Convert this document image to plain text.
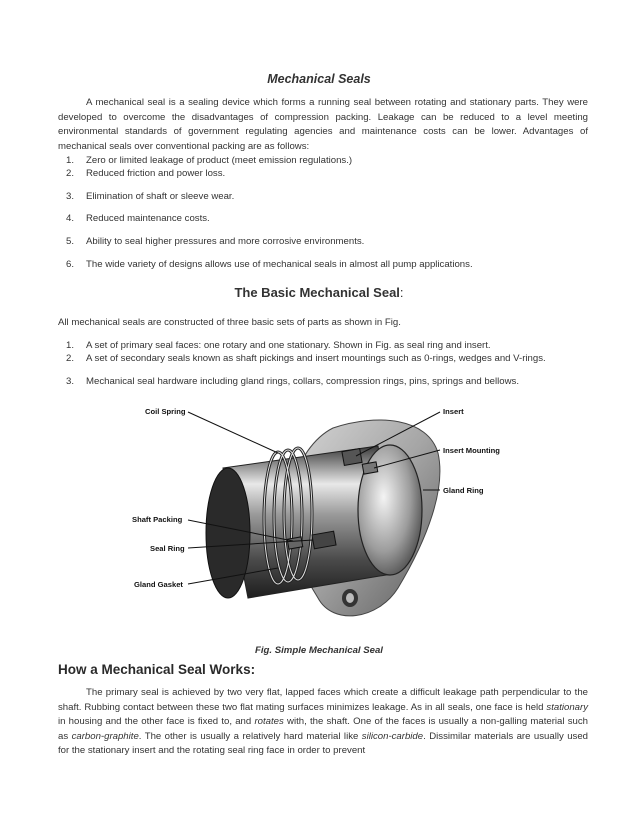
Mechanical Seals
A mechanical seal is a sealing device which forms a running seal between rotating and stationary parts. They were developed to overcome the disadvantages of compression packing. Leakage can be reduced to a level meeting environmental standards of government regulating agencies and maintenance costs can be lower. Advantages of mechanical seals over conventional packing are as follows:
1. Zero or limited leakage of product (meet emission regulations.)
2. Reduced friction and power loss.
3. Elimination of shaft or sleeve wear.
4. Reduced maintenance costs.
5. Ability to seal higher pressures and more corrosive environments.
6. The wide variety of designs allows use of mechanical seals in almost all pump applications.
The Basic Mechanical Seal:
All mechanical seals are constructed of three basic sets of parts as shown in Fig.
1. A set of primary seal faces: one rotary and one stationary. Shown in Fig. as seal ring and insert.
2. A set of secondary seals known as shaft pickings and insert mountings such as 0-rings, wedges and V-rings.
3. Mechanical seal hardware including gland rings, collars, compression rings, pins, springs and bellows.
Coil Spring	Insert
Insert Mounting
Gland Ring
Shaft Packing
Seal Ring
Gland Gasket
Fig. Simple Mechanical Seal
How a Mechanical Seal Works:
The primary seal is achieved by two very flat, lapped faces which create a difficult leakage path perpendicular to the shaft. Rubbing contact between these two flat mating surfaces minimizes leakage. As in all seals, one face is held stationary in housing and the other face is fixed to, and rotates with, the shaft. One of the faces is usually a non-galling material such as carbon-graphite. The other is usually a relatively hard material like silicon-carbide. Dissimilar materials are usually used for the stationary insert and the rotating seal ring face in order to prevent
